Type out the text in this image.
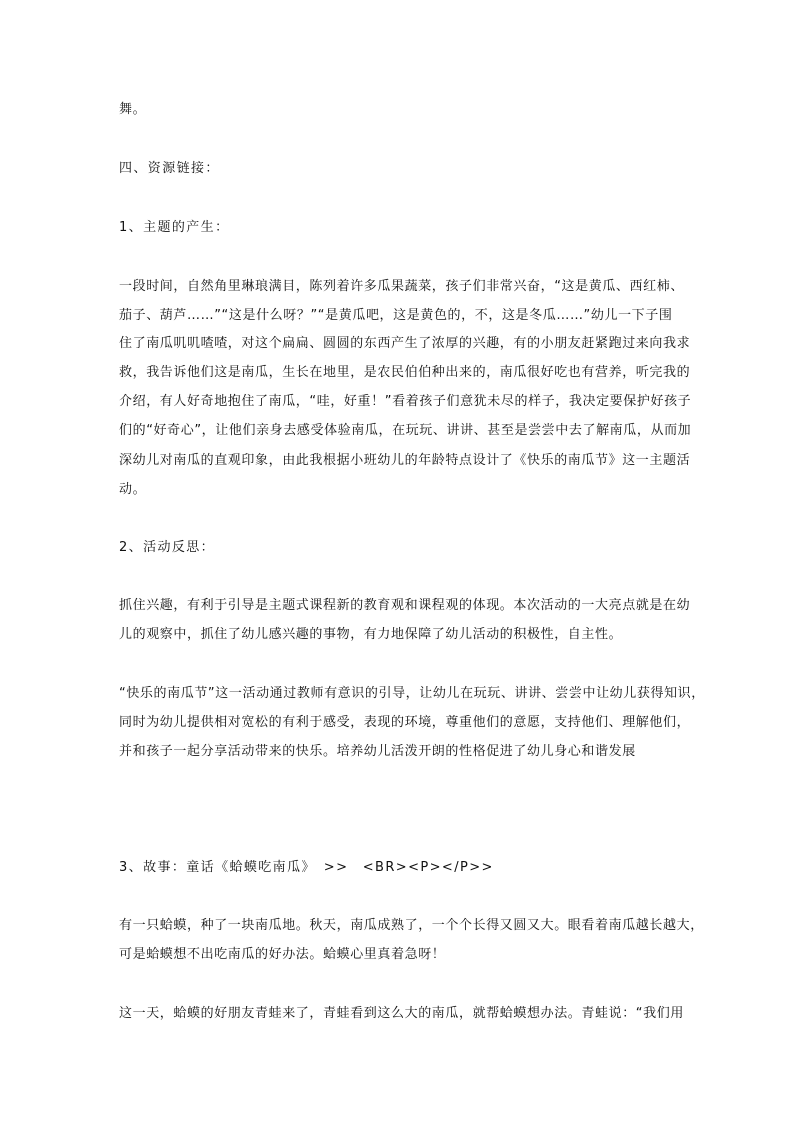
舞。
四、资源链接：
1、主题的产生：
一段时间，自然角里琳琅满目，陈列着许多瓜果蔬菜，孩子们非常兴奋，“这是黄瓜、西红柿、
茄子、葫芦……”“这是什么呀？”“是黄瓜吧，这是黄色的，不，这是冬瓜……”幼儿一下子围
住了南瓜叽叽喳喳，对这个扁扁、圆圆的东西产生了浓厚的兴趣，有的小朋友赶紧跑过来向我求
救，我告诉他们这是南瓜，生长在地里，是农民伯伯种出来的，南瓜很好吃也有营养，听完我的
介绍，有人好奇地抱住了南瓜，“哇，好重！”看着孩子们意犹未尽的样子，我决定要保护好孩子
们的“好奇心”，让他们亲身去感受体验南瓜，在玩玩、讲讲、甚至是尝尝中去了解南瓜，从而加
深幼儿对南瓜的直观印象，由此我根据小班幼儿的年龄特点设计了《快乐的南瓜节》这一主题活
动。
2、活动反思：
抓住兴趣，有利于引导是主题式课程新的教育观和课程观的体现。本次活动的一大亮点就是在幼
儿的观察中，抓住了幼儿感兴趣的事物，有力地保障了幼儿活动的积极性，自主性。
“快乐的南瓜节”这一活动通过教师有意识的引导，让幼儿在玩玩、讲讲、尝尝中让幼儿获得知识，
同时为幼儿提供相对宽松的有利于感受，表现的环境，尊重他们的意愿，支持他们、理解他们，
并和孩子一起分享活动带来的快乐。培养幼儿活泼开朗的性格促进了幼儿身心和谐发展
3、故事：童话《蛤蟆吃南瓜》　>>　<BR><P></P>>
有一只蛤蟆，种了一块南瓜地。秋天，南瓜成熟了，一个个长得又圆又大。眼看着南瓜越长越大，
可是蛤蟆想不出吃南瓜的好办法。蛤蟆心里真着急呀！
这一天，蛤蟆的好朋友青蛙来了，青蛙看到这么大的南瓜，就帮蛤蟆想办法。青蛙说：“我们用
